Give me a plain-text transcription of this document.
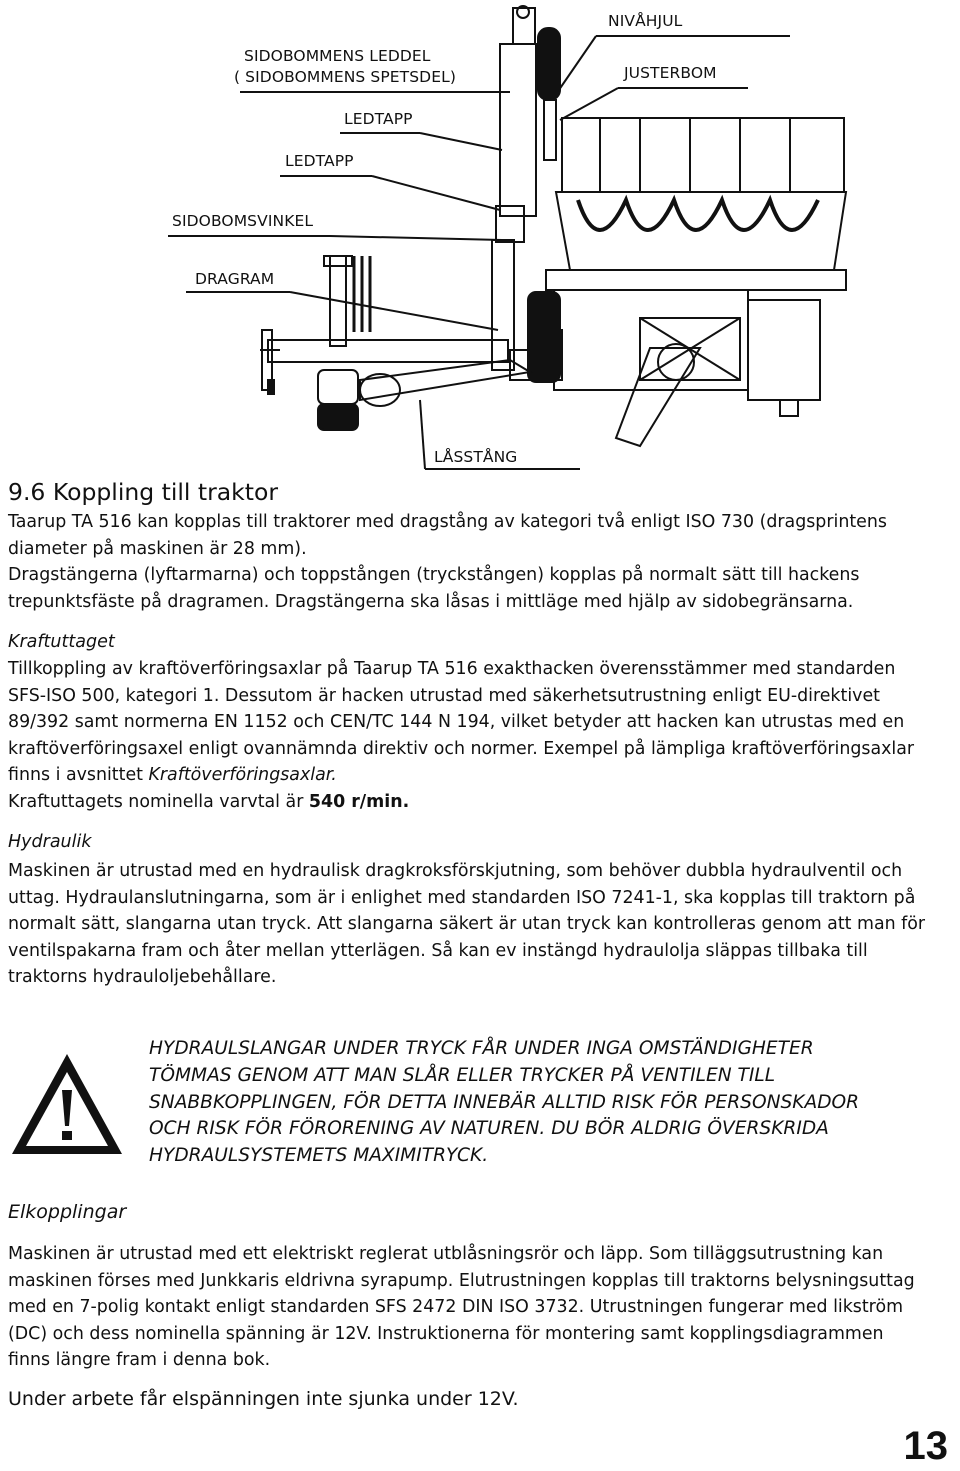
NIVÅHJUL
SIDOBOMMENS LEDDEL
( SIDOBOMMENS SPETSDEL)	JUSTERBOM
LEDTAPP
LEDTAPP
SIDOBOMSVINKEL
DRAGRAM
LÅSSTÅNG
9.6 Koppling till traktor
Taarup TA 516 kan kopplas till traktorer med dragstång av kategori två enligt ISO 730 (dragsprintens
diameter på maskinen är 28 mm).
Dragstängerna (lyftarmarna) och toppstången (tryckstången) kopplas på normalt sätt till hackens
trepunktsfäste på dragramen. Dragstängerna ska låsas i mittläge med hjälp av sidobegränsarna.
Kraftuttaget
Tillkoppling av kraftöverföringsaxlar på Taarup TA 516 exakthacken överensstämmer med standarden
SFS-ISO 500, kategori 1. Dessutom är hacken utrustad med säkerhetsutrustning enligt EU-direktivet
89/392 samt normerna EN 1152 och CEN/TC 144 N 194, vilket betyder att hacken kan utrustas med en
kraftöverföringsaxel enligt ovannämnda direktiv och normer. Exempel på lämpliga kraftöverföringsaxlar
finns i avsnittet Kraftöverföringsaxlar.
Kraftuttagets nominella varvtal är 540 r/min.
Hydraulik
Maskinen är utrustad med en hydraulisk dragkroksförskjutning, som behöver dubbla hydraulventil och
uttag. Hydraulanslutningarna, som är i enlighet med standarden ISO 7241-1, ska kopplas till traktorn på
normalt sätt, slangarna utan tryck. Att slangarna säkert är utan tryck kan kontrolleras genom att man för
ventilspakarna fram och åter mellan ytterlägen. Så kan ev instängd hydraulolja släppas tillbaka till
traktorns hydrauloljebehållare.
HYDRAULSLANGAR UNDER TRYCK FÅR UNDER INGA OMSTÄNDIGHETER
TÖMMAS GENOM ATT MAN SLÅR ELLER TRYCKER PÅ VENTILEN TILL
SNABBKOPPLINGEN, FÖR DETTA INNEBÄR ALLTID RISK FÖR PERSONSKADOR
OCH RISK FÖR FÖRORENING AV NATUREN. DU BÖR ALDRIG ÖVERSKRIDA
HYDRAULSYSTEMETS MAXIMITRYCK.
Elkopplingar
Maskinen är utrustad med ett elektriskt reglerat utblåsningsrör och läpp. Som tilläggsutrustning kan
maskinen förses med Junkkaris eldrivna syrapump. Elutrustningen kopplas till traktorns belysningsuttag
med en 7-polig kontakt enligt standarden SFS 2472 DIN ISO 3732. Utrustningen fungerar med likström
(DC) och dess nominella spänning är 12V. Instruktionerna för montering samt kopplingsdiagrammen
finns längre fram i denna bok.
Under arbete får elspänningen inte sjunka under 12V.
13
